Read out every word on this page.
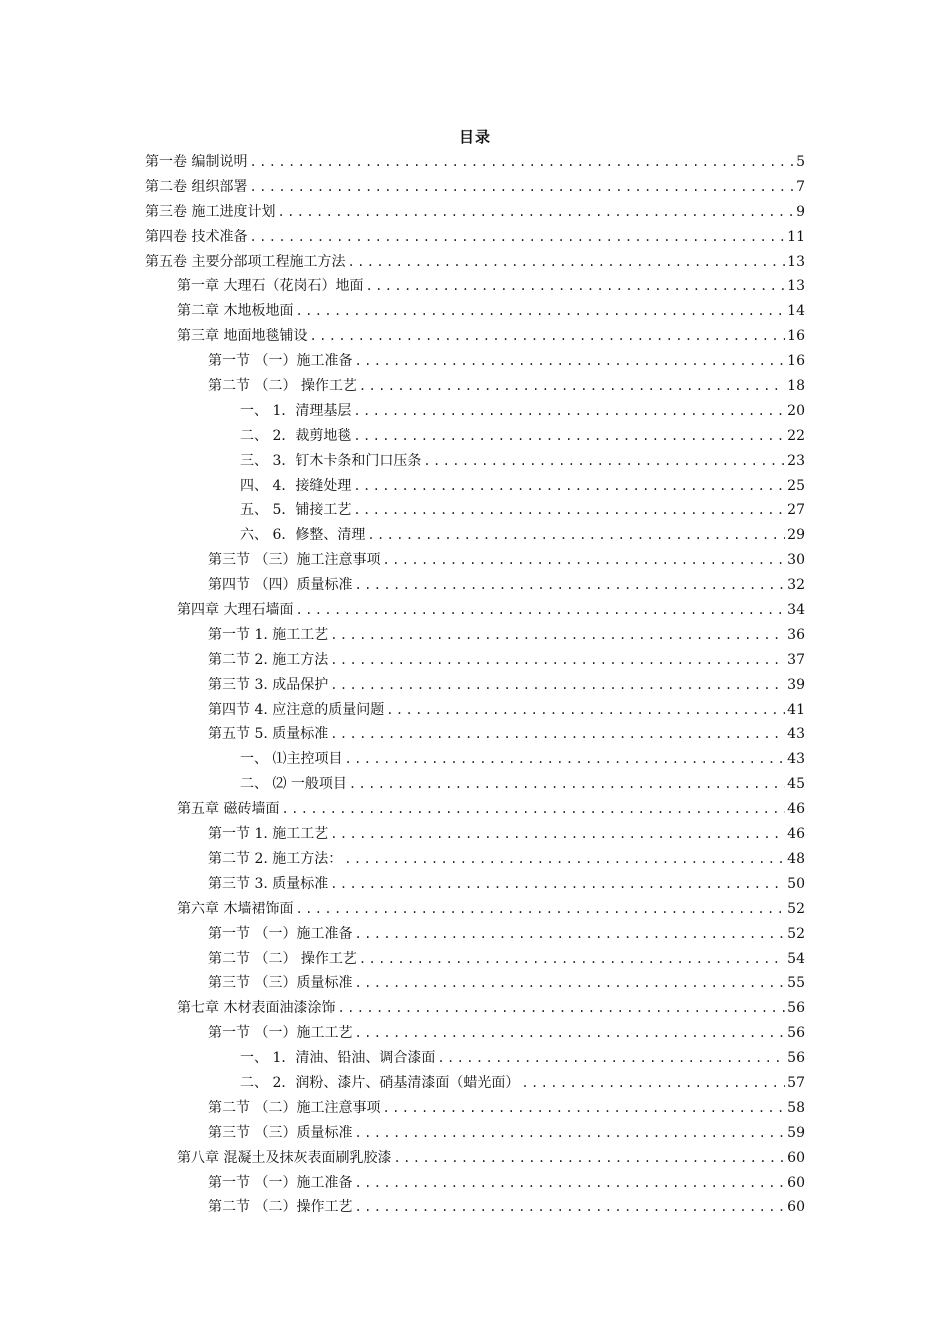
目录
第一卷 编制说明 .....	5
第二卷 组织部署 .....	7
第三卷 施工进度计划 .....	9
第四卷 技术准备 .....	11
第五卷 主要分部项工程施工方法 .....	13
第一章 大理石（花岗石）地面 .....	13
第二章 木地板地面 .....	14
第三章 地面地毯铺设 .....	16
第一节 （一）施工准备 .....	16
第二节 （二） 操作工艺 .....	18
一、 1．清理基层 .....	20
二、 2．裁剪地毯 .....	22
三、 3．钉木卡条和门口压条 .....	23
四、 4．接缝处理 .....	25
五、 5．铺接工艺 .....	27
六、 6．修整、清理 .....	29
第三节 （三）施工注意事项 .....	30
第四节 （四）质量标准 .....	32
第四章 大理石墙面 .....	34
第一节 1. 施工工艺 .....	36
第二节 2. 施工方法 .....	37
第三节 3. 成品保护 .....	39
第四节 4. 应注意的质量问题 .....	41
第五节 5. 质量标准 .....	43
一、 ⑴主控项目 .....	43
二、 ⑵ 一般项目 .....	45
第五章 磁砖墙面 .....	46
第一节 1. 施工工艺 .....	46
第二节 2. 施工方法： .....	48
第三节 3. 质量标准 .....	50
第六章 木墙裙饰面 .....	52
第一节 （一）施工准备 .....	52
第二节 （二） 操作工艺 .....	54
第三节 （三）质量标准 .....	55
第七章 木材表面油漆涂饰 .....	56
第一节 （一）施工工艺 .....	56
一、 1．清油、铅油、调合漆面 .....	56
二、 2．润粉、漆片、硝基清漆面（蜡光面） .....	57
第二节 （二）施工注意事项 .....	58
第三节 （三）质量标准 .....	59
第八章 混凝土及抹灰表面刷乳胶漆 .....	60
第一节 （一）施工准备 .....	60
第二节 （二）操作工艺 .....	60
